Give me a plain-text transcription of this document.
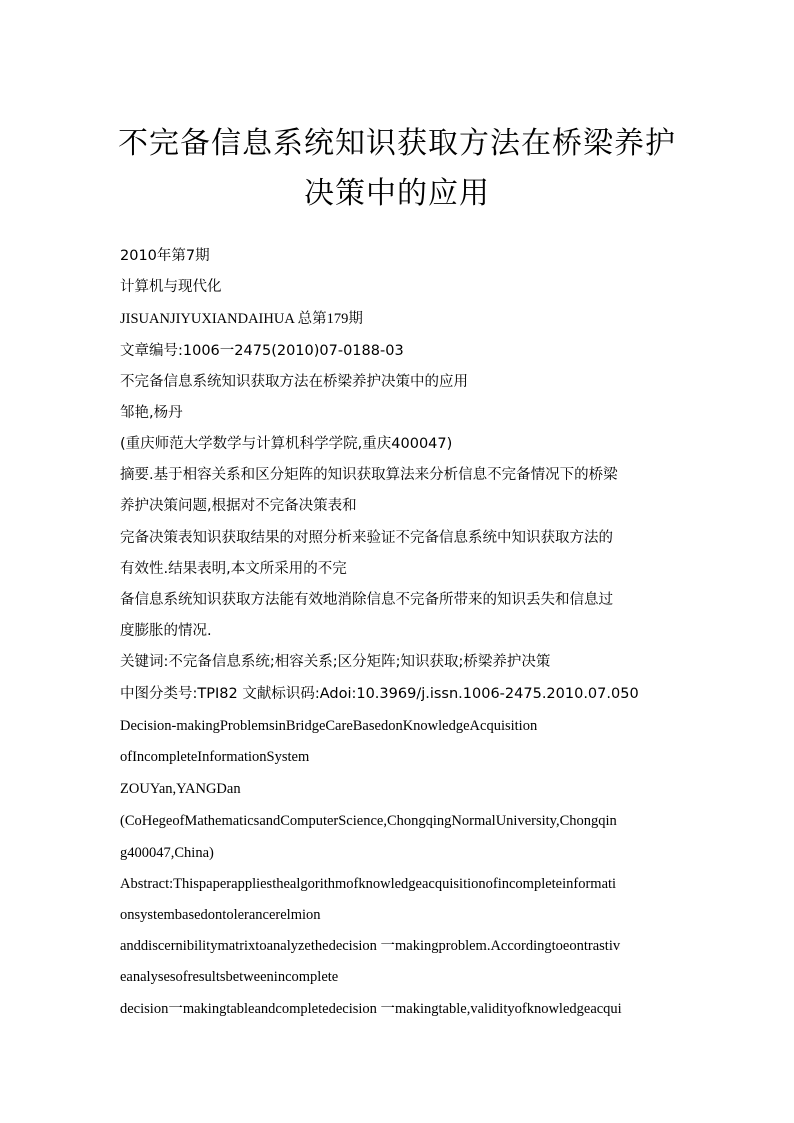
不完备信息系统知识获取方法在桥梁养护
决策中的应用
2010年第7期
计算机与现代化
JISUANJIYUXIANDAIHUA 总第179期
文章编号:1006一2475(2010)07-0188-03
不完备信息系统知识获取方法在桥梁养护决策中的应用
邹艳,杨丹
(重庆师范大学数学与计算机科学学院,重庆400047)
摘要.基于相容关系和区分矩阵的知识获取算法来分析信息不完备情况下的桥梁
养护决策问题,根据对不完备决策表和
完备决策表知识获取结果的对照分析来验证不完备信息系统中知识获取方法的
有效性.结果表明,本文所采用的不完
备信息系统知识获取方法能有效地消除信息不完备所带来的知识丢失和信息过
度膨胀的情况.
关键词:不完备信息系统;相容关系;区分矩阵;知识获取;桥梁养护决策
中图分类号:TPI82 文献标识码:Adoi:10.3969/j.issn.1006-2475.2010.07.050
Decision-makingProblemsinBridgeCareBasedonKnowledgeAcquisition
ofIncompleteInformationSystem
ZOUYan,YANGDan
(CoHegeofMathematicsandComputerScience,ChongqingNormalUniversity,Chongqin
g400047,China)
Abstract:Thispaperappliesthealgorithmofknowledgeacquisitionofincompleteinformati
onsystembasedontolerancerelmion
anddiscernibilitymatrixtoanalyzethedecision 一makingproblem.Accordingtoeontrastiv
eanalysesofresultsbetweenincomplete
decision一makingtableandcompletedecision 一makingtable,validityofknowledgeacqui
